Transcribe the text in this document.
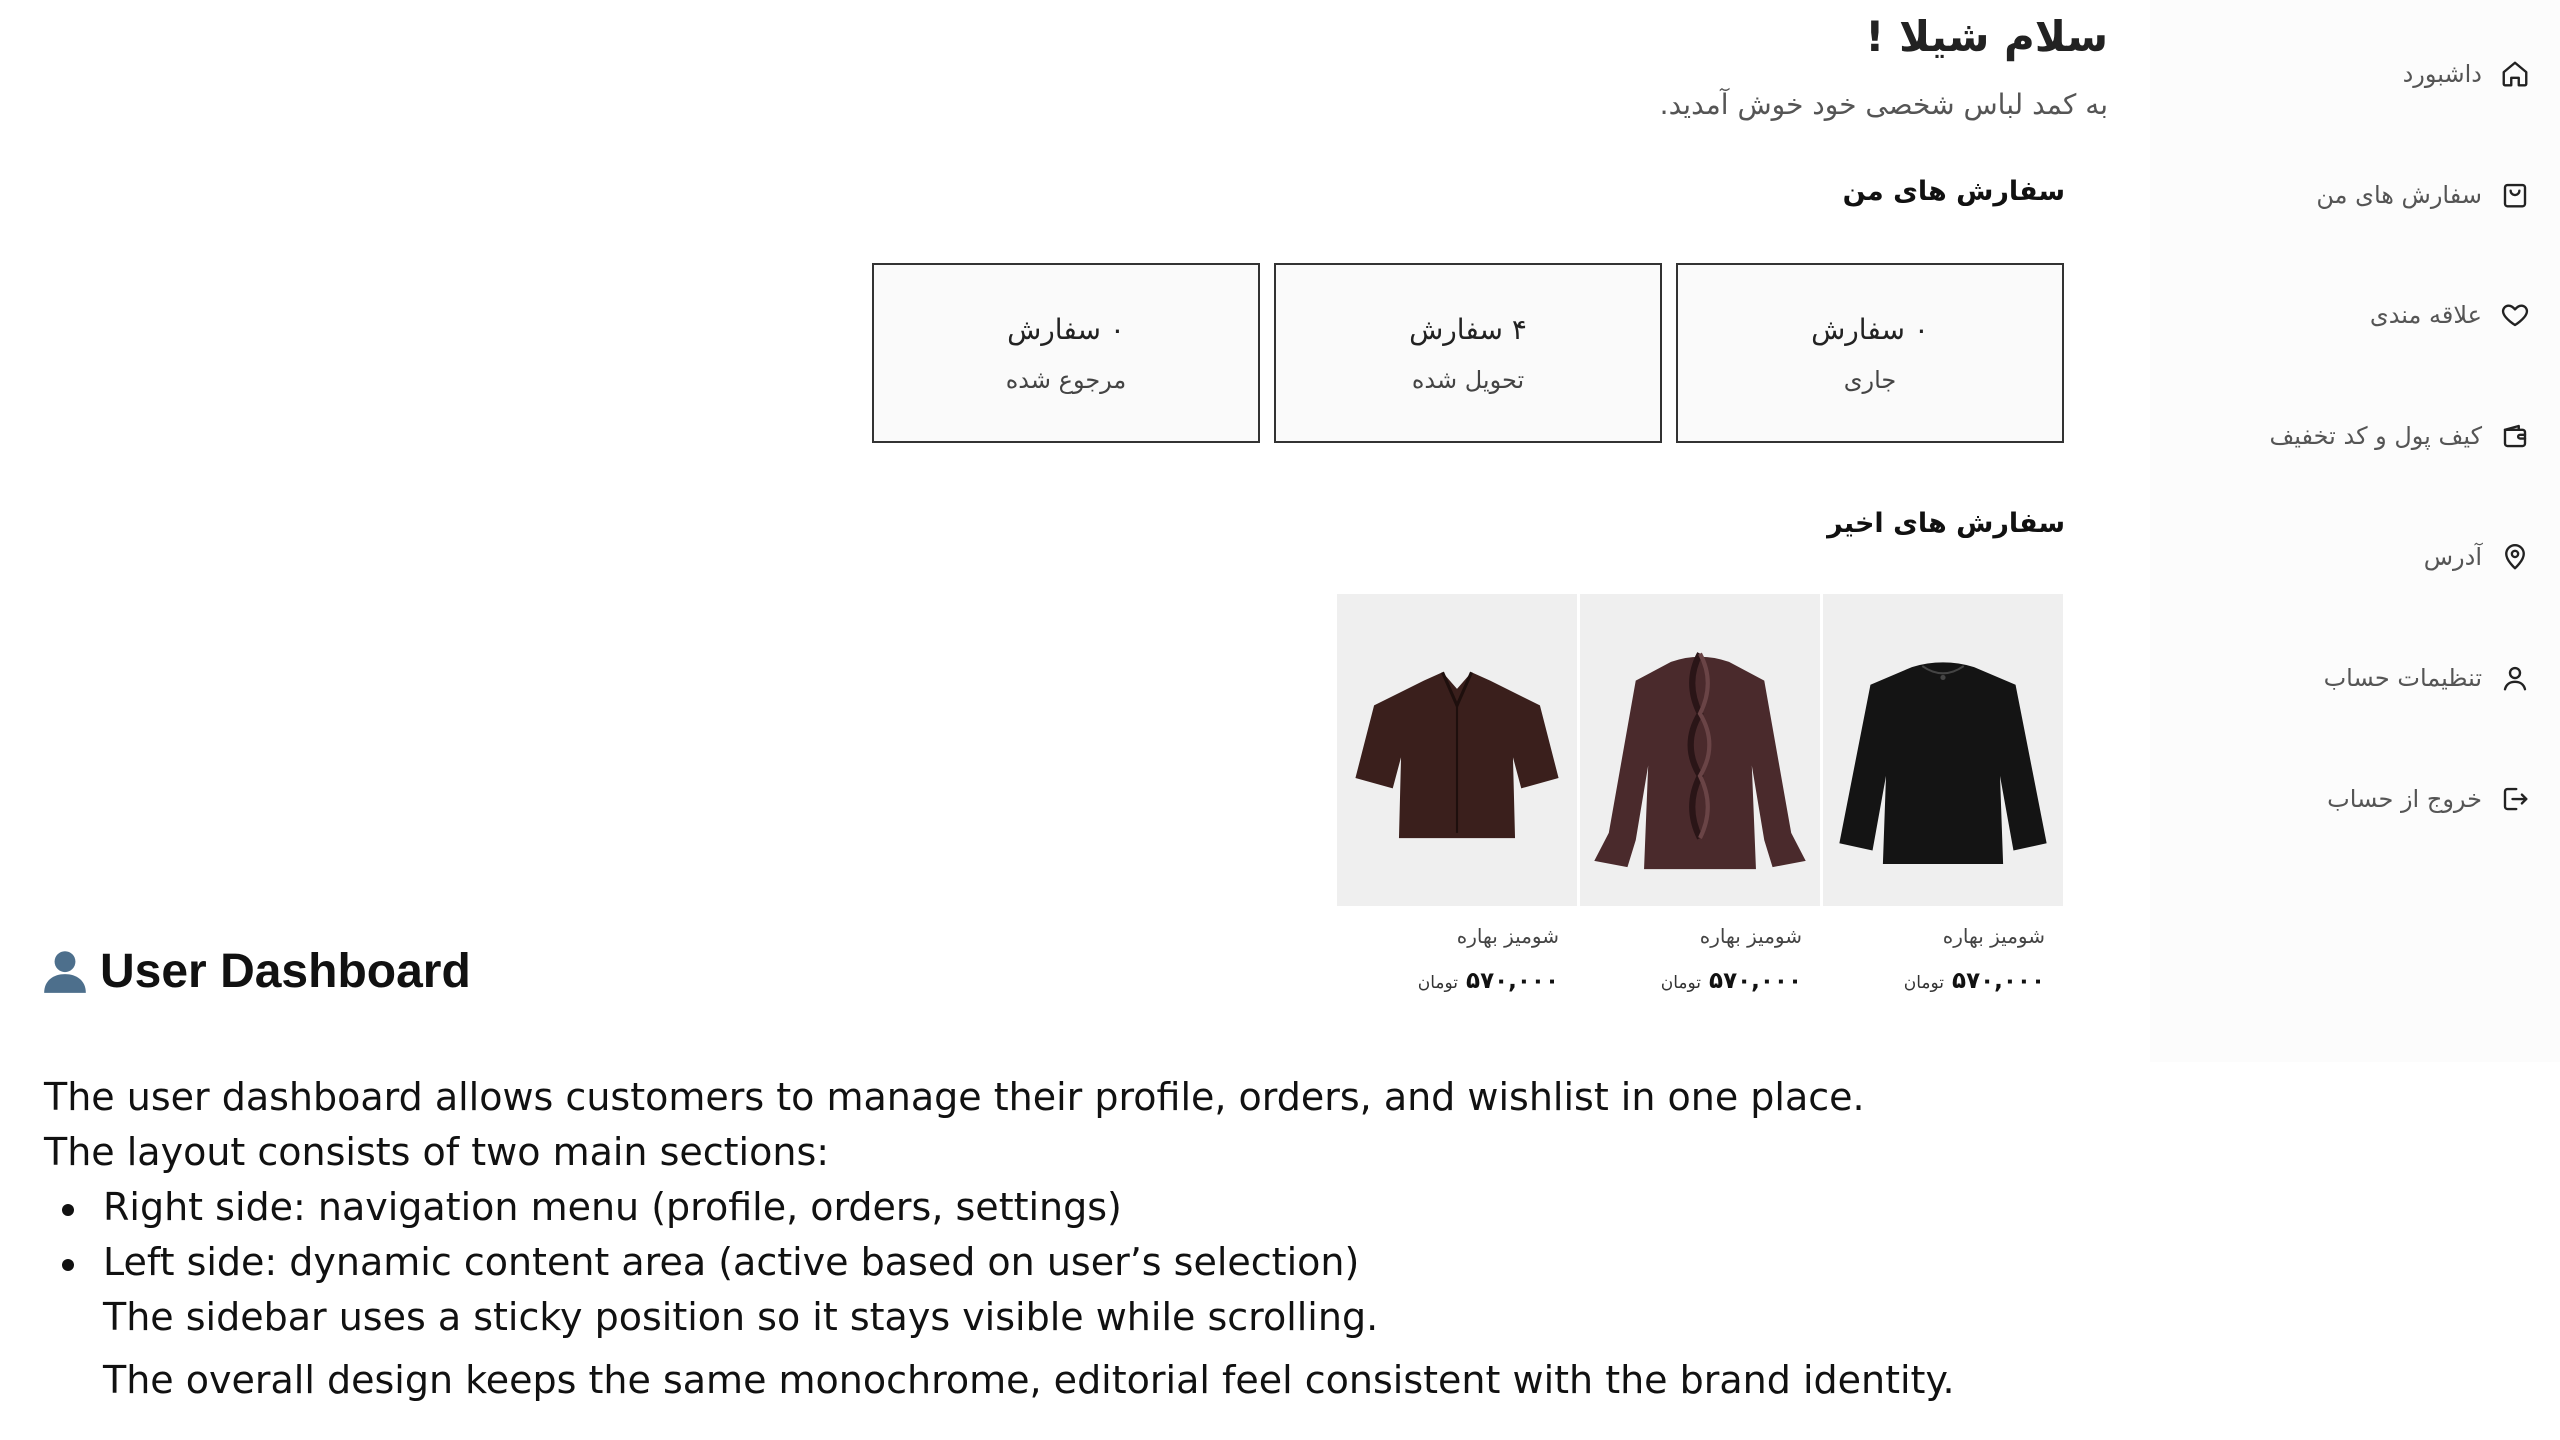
داشبورد
سفارش های من
علاقه مندی
کیف پول و کد تخفیف
آدرس
تنظیمات حساب
خروج از حساب
سلام شیلا !

به کمد لباس شخصی خود خوش آمدید.

سفارش های من
۰ سفارش
جاری
۴ سفارش
تحویل شده
۰ سفارش
مرجوع شده
سفارش های اخیر
شومیز بهاره
۵۷۰,۰۰۰
تومان
شومیز بهاره
۵۷۰,۰۰۰
تومان
شومیز بهاره
۵۷۰,۰۰۰
تومان
User Dashboard

The user dashboard allows customers to manage their profile, orders, and wishlist in one place.

The layout consists of two main sections:

Right side: navigation menu (profile, orders, settings)

Left side: dynamic content area (active based on user’s selection)

The sidebar uses a sticky position so it stays visible while scrolling.

The overall design keeps the same monochrome, editorial feel consistent with the brand identity.
